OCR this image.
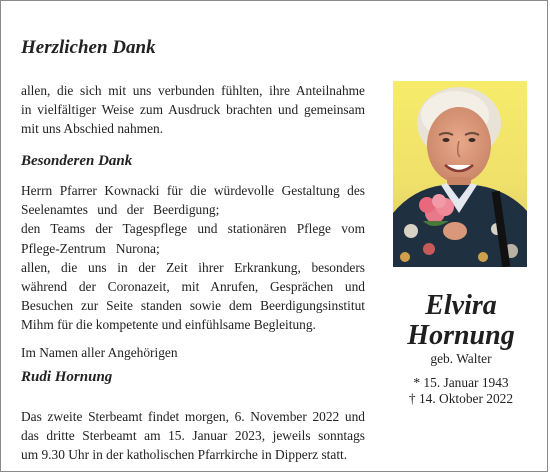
Herzlichen Dank

allen, die sich mit uns verbunden fühlten, ihre Anteilnahme
in vielfältiger Weise zum Ausdruck brachten und gemeinsam
mit uns Abschied nahmen.

Besonderen Dank

Herrn Pfarrer Kownacki für die würdevolle Gestaltung des
Seelenamtes und der Beerdigung;
den Teams der Tagespflege und stationären Pflege vom
Pflege-Zentrum   Nurona;
allen, die uns in der Zeit ihrer Erkrankung, besonders
während der Coronazeit, mit Anrufen, Gesprächen und
Besuchen zur Seite standen sowie dem Beerdigungsinstitut
Mihm für die kompetente und einfühlsame Begleitung.

Im Namen aller Angehörigen

Rudi Hornung

Das zweite Sterbeamt findet morgen, 6. November 2022 und
das dritte Sterbeamt am 15. Januar 2023, jeweils sonntags
um 9.30 Uhr in der katholischen Pfarrkirche in Dipperz statt.

Elvira

Hornung

geb. Walter

* 15. Januar 1943

† 14. Oktober 2022
